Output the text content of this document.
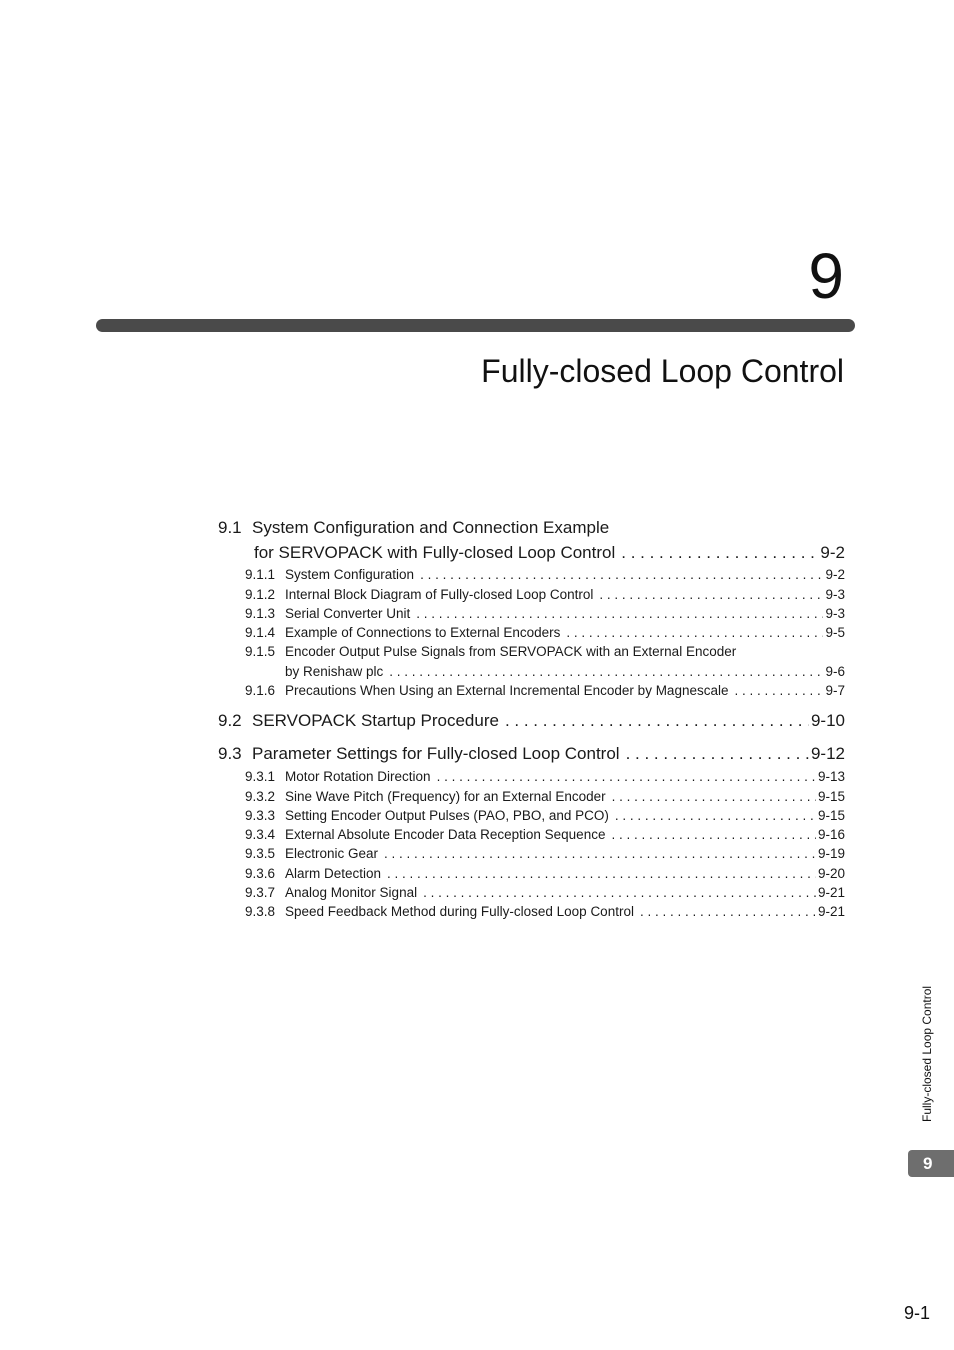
9
Fully-closed Loop Control
9.1 System Configuration and Connection Example
for SERVOPACK with Fully-closed Loop Control . . .	9-2
9.1.1 System Configuration . . .	9-2
9.1.2 Internal Block Diagram of Fully-closed Loop Control . . .	9-3
9.1.3 Serial Converter Unit . . .	9-3
9.1.4 Example of Connections to External Encoders . . .	9-5
9.1.5 Encoder Output Pulse Signals from SERVOPACK with an External Encoder
by Renishaw plc . . .	9-6
9.1.6 Precautions When Using an External Incremental Encoder by Magnescale . . .	9-7
9.2 SERVOPACK Startup Procedure . . .	9-10
9.3 Parameter Settings for Fully-closed Loop Control . . .	9-12
9.3.1 Motor Rotation Direction . . .	9-13
9.3.2 Sine Wave Pitch (Frequency) for an External Encoder . . .	9-15
9.3.3 Setting Encoder Output Pulses (PAO, PBO, and PCO) . . .	9-15
9.3.4 External Absolute Encoder Data Reception Sequence . . .	9-16
9.3.5 Electronic Gear . . .	9-19
9.3.6 Alarm Detection . . .	9-20
9.3.7 Analog Monitor Signal . . .	9-21
9.3.8 Speed Feedback Method during Fully-closed Loop Control . . .	9-21
Fully-closed Loop Control
9
9-1
